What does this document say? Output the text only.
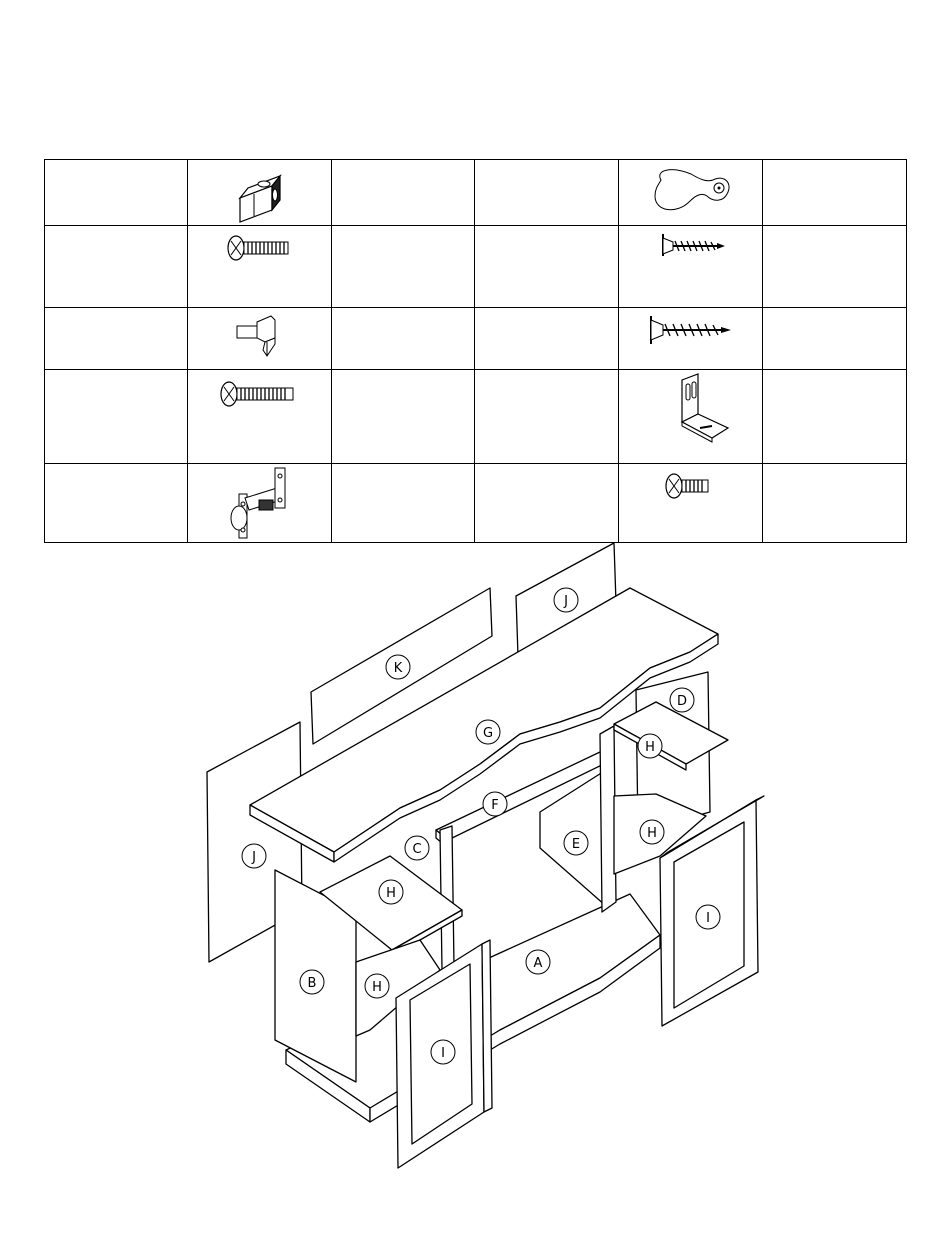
K
J
D
G
H
F
C	E
H
J
H
I
A
B	H
I
